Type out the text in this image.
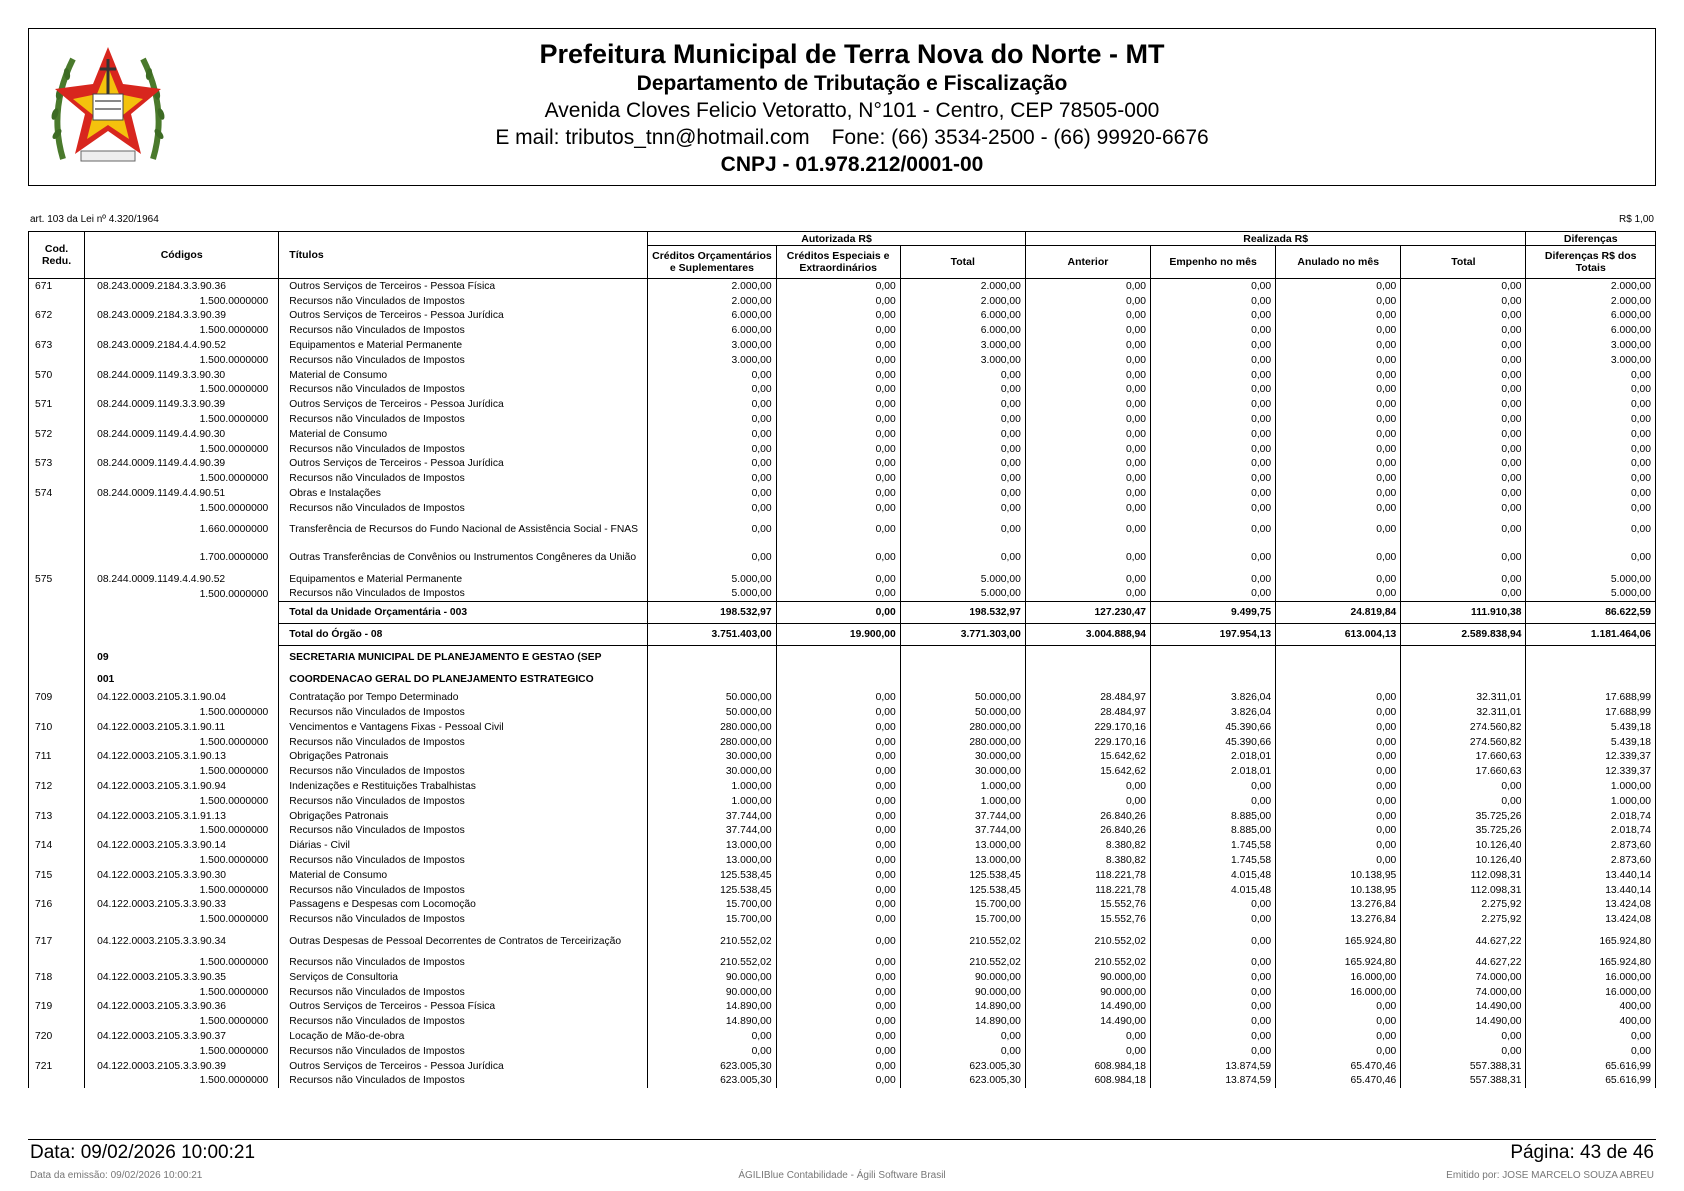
Prefeitura Municipal de Terra Nova do Norte - MT
Departamento de Tributação e Fiscalização
Avenida Cloves Felicio Vetoratto, N°101 - Centro, CEP 78505-000
E mail: tributos_tnn@hotmail.com Fone: (66) 3534-2500 - (66) 99920-6676
CNPJ - 01.978.212/0001-00
art. 103 da Lei nº 4.320/1964	R$ 1,00
Cod. Redu.	Códigos	Títulos	Autorizada R$			Realizada R$				Diferenças
			Créditos Orçamentários e Suplementares	Créditos Especiais e Extraordinários	Total	Anterior	Empenho no mês	Anulado no mês	Total	Diferenças R$ dos Totais
671	08.243.0009.2184.3.3.90.36	Outros Serviços de Terceiros - Pessoa Física	2.000,00	0,00	2.000,00	0,00	0,00	0,00	0,00	2.000,00
	1.500.0000000	Recursos não Vinculados de Impostos	2.000,00	0,00	2.000,00	0,00	0,00	0,00	0,00	2.000,00
672	08.243.0009.2184.3.3.90.39	Outros Serviços de Terceiros - Pessoa Jurídica	6.000,00	0,00	6.000,00	0,00	0,00	0,00	0,00	6.000,00
	1.500.0000000	Recursos não Vinculados de Impostos	6.000,00	0,00	6.000,00	0,00	0,00	0,00	0,00	6.000,00
673	08.243.0009.2184.4.4.90.52	Equipamentos e Material Permanente	3.000,00	0,00	3.000,00	0,00	0,00	0,00	0,00	3.000,00
	1.500.0000000	Recursos não Vinculados de Impostos	3.000,00	0,00	3.000,00	0,00	0,00	0,00	0,00	3.000,00
570	08.244.0009.1149.3.3.90.30	Material de Consumo	0,00	0,00	0,00	0,00	0,00	0,00	0,00	0,00
	1.500.0000000	Recursos não Vinculados de Impostos	0,00	0,00	0,00	0,00	0,00	0,00	0,00	0,00
571	08.244.0009.1149.3.3.90.39	Outros Serviços de Terceiros - Pessoa Jurídica	0,00	0,00	0,00	0,00	0,00	0,00	0,00	0,00
	1.500.0000000	Recursos não Vinculados de Impostos	0,00	0,00	0,00	0,00	0,00	0,00	0,00	0,00
572	08.244.0009.1149.4.4.90.30	Material de Consumo	0,00	0,00	0,00	0,00	0,00	0,00	0,00	0,00
	1.500.0000000	Recursos não Vinculados de Impostos	0,00	0,00	0,00	0,00	0,00	0,00	0,00	0,00
573	08.244.0009.1149.4.4.90.39	Outros Serviços de Terceiros - Pessoa Jurídica	0,00	0,00	0,00	0,00	0,00	0,00	0,00	0,00
	1.500.0000000	Recursos não Vinculados de Impostos	0,00	0,00	0,00	0,00	0,00	0,00	0,00	0,00
574	08.244.0009.1149.4.4.90.51	Obras e Instalações	0,00	0,00	0,00	0,00	0,00	0,00	0,00	0,00
	1.500.0000000	Recursos não Vinculados de Impostos	0,00	0,00	0,00	0,00	0,00	0,00	0,00	0,00
	1.660.0000000	Transferência de Recursos do Fundo Nacional de Assistência Social - FNAS	0,00	0,00	0,00	0,00	0,00	0,00	0,00	0,00
	1.700.0000000	Outras Transferências de Convênios ou Instrumentos Congêneres da União	0,00	0,00	0,00	0,00	0,00	0,00	0,00	0,00
575	08.244.0009.1149.4.4.90.52	Equipamentos e Material Permanente	5.000,00	0,00	5.000,00	0,00	0,00	0,00	0,00	5.000,00
	1.500.0000000	Recursos não Vinculados de Impostos	5.000,00	0,00	5.000,00	0,00	0,00	0,00	0,00	5.000,00
		Total da Unidade Orçamentária - 003	198.532,97	0,00	198.532,97	127.230,47	9.499,75	24.819,84	111.910,38	86.622,59
		Total do Órgão - 08	3.751.403,00	19.900,00	3.771.303,00	3.004.888,94	197.954,13	613.004,13	2.589.838,94	1.181.464,06
	09	SECRETARIA MUNICIPAL DE PLANEJAMENTO E GESTAO (SEP								
	001	COORDENACAO GERAL DO PLANEJAMENTO ESTRATEGICO								
709	04.122.0003.2105.3.1.90.04	Contratação por Tempo Determinado	50.000,00	0,00	50.000,00	28.484,97	3.826,04	0,00	32.311,01	17.688,99
	1.500.0000000	Recursos não Vinculados de Impostos	50.000,00	0,00	50.000,00	28.484,97	3.826,04	0,00	32.311,01	17.688,99
710	04.122.0003.2105.3.1.90.11	Vencimentos e Vantagens Fixas - Pessoal Civil	280.000,00	0,00	280.000,00	229.170,16	45.390,66	0,00	274.560,82	5.439,18
	1.500.0000000	Recursos não Vinculados de Impostos	280.000,00	0,00	280.000,00	229.170,16	45.390,66	0,00	274.560,82	5.439,18
711	04.122.0003.2105.3.1.90.13	Obrigações Patronais	30.000,00	0,00	30.000,00	15.642,62	2.018,01	0,00	17.660,63	12.339,37
	1.500.0000000	Recursos não Vinculados de Impostos	30.000,00	0,00	30.000,00	15.642,62	2.018,01	0,00	17.660,63	12.339,37
712	04.122.0003.2105.3.1.90.94	Indenizações e Restituições Trabalhistas	1.000,00	0,00	1.000,00	0,00	0,00	0,00	0,00	1.000,00
	1.500.0000000	Recursos não Vinculados de Impostos	1.000,00	0,00	1.000,00	0,00	0,00	0,00	0,00	1.000,00
713	04.122.0003.2105.3.1.91.13	Obrigações Patronais	37.744,00	0,00	37.744,00	26.840,26	8.885,00	0,00	35.725,26	2.018,74
	1.500.0000000	Recursos não Vinculados de Impostos	37.744,00	0,00	37.744,00	26.840,26	8.885,00	0,00	35.725,26	2.018,74
714	04.122.0003.2105.3.3.90.14	Diárias - Civil	13.000,00	0,00	13.000,00	8.380,82	1.745,58	0,00	10.126,40	2.873,60
	1.500.0000000	Recursos não Vinculados de Impostos	13.000,00	0,00	13.000,00	8.380,82	1.745,58	0,00	10.126,40	2.873,60
715	04.122.0003.2105.3.3.90.30	Material de Consumo	125.538,45	0,00	125.538,45	118.221,78	4.015,48	10.138,95	112.098,31	13.440,14
	1.500.0000000	Recursos não Vinculados de Impostos	125.538,45	0,00	125.538,45	118.221,78	4.015,48	10.138,95	112.098,31	13.440,14
716	04.122.0003.2105.3.3.90.33	Passagens e Despesas com Locomoção	15.700,00	0,00	15.700,00	15.552,76	0,00	13.276,84	2.275,92	13.424,08
	1.500.0000000	Recursos não Vinculados de Impostos	15.700,00	0,00	15.700,00	15.552,76	0,00	13.276,84	2.275,92	13.424,08
717	04.122.0003.2105.3.3.90.34	Outras Despesas de Pessoal Decorrentes de Contratos de Terceirização	210.552,02	0,00	210.552,02	210.552,02	0,00	165.924,80	44.627,22	165.924,80
	1.500.0000000	Recursos não Vinculados de Impostos	210.552,02	0,00	210.552,02	210.552,02	0,00	165.924,80	44.627,22	165.924,80
718	04.122.0003.2105.3.3.90.35	Serviços de Consultoria	90.000,00	0,00	90.000,00	90.000,00	0,00	16.000,00	74.000,00	16.000,00
	1.500.0000000	Recursos não Vinculados de Impostos	90.000,00	0,00	90.000,00	90.000,00	0,00	16.000,00	74.000,00	16.000,00
719	04.122.0003.2105.3.3.90.36	Outros Serviços de Terceiros - Pessoa Física	14.890,00	0,00	14.890,00	14.490,00	0,00	0,00	14.490,00	400,00
	1.500.0000000	Recursos não Vinculados de Impostos	14.890,00	0,00	14.890,00	14.490,00	0,00	0,00	14.490,00	400,00
720	04.122.0003.2105.3.3.90.37	Locação de Mão-de-obra	0,00	0,00	0,00	0,00	0,00	0,00	0,00	0,00
	1.500.0000000	Recursos não Vinculados de Impostos	0,00	0,00	0,00	0,00	0,00	0,00	0,00	0,00
721	04.122.0003.2105.3.3.90.39	Outros Serviços de Terceiros - Pessoa Jurídica	623.005,30	0,00	623.005,30	608.984,18	13.874,59	65.470,46	557.388,31	65.616,99
	1.500.0000000	Recursos não Vinculados de Impostos	623.005,30	0,00	623.005,30	608.984,18	13.874,59	65.470,46	557.388,31	65.616,99
Data: 09/02/2026 10:00:21	Página: 43 de 46
Data da emissão: 09/02/2026 10:00:21	ÁGILIBlue Contabilidade - Ágili Software Brasil	Emitido por: JOSE MARCELO SOUZA ABREU
